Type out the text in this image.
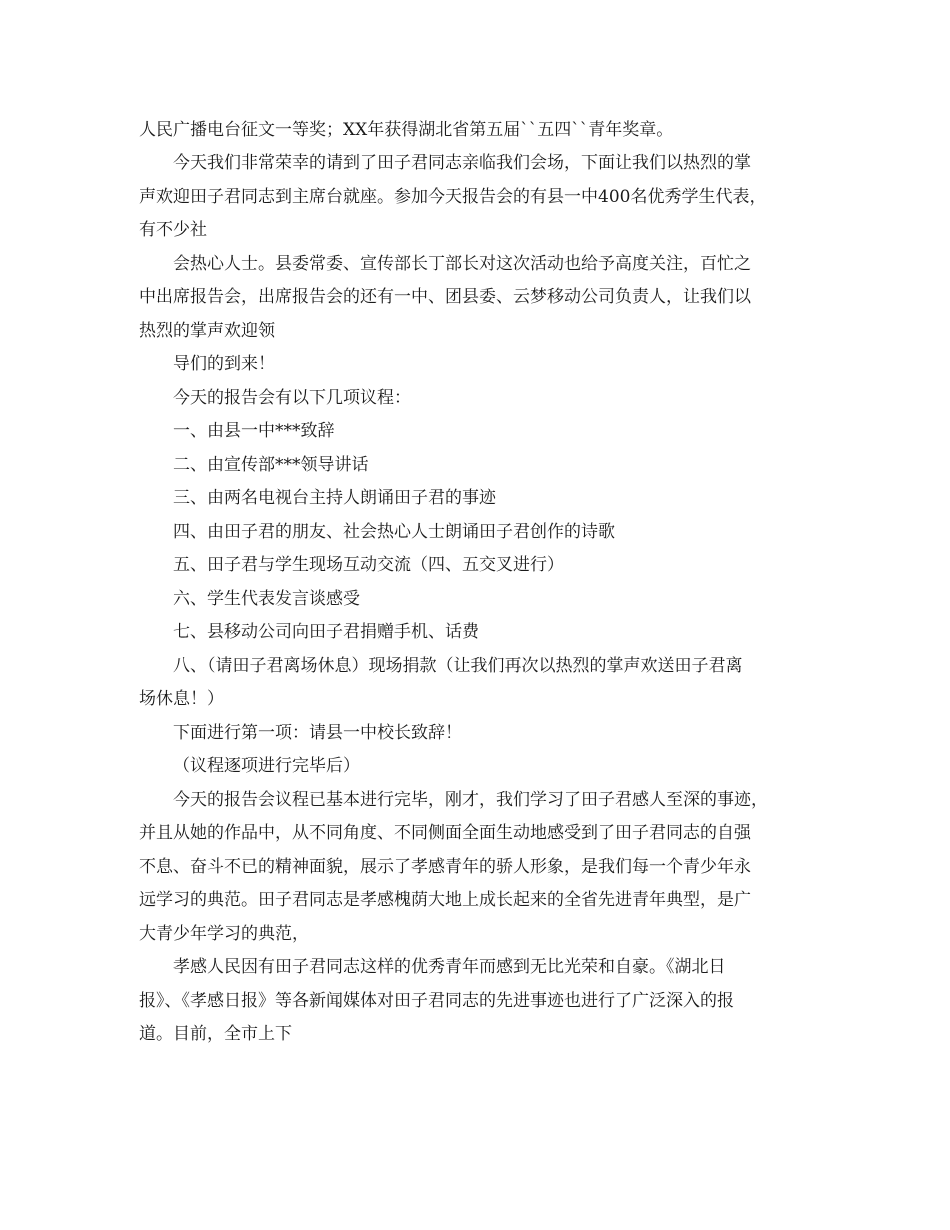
人民广播电台征文一等奖；XX年获得湖北省第五届``五四``青年奖章。

今天我们非常荣幸的请到了田子君同志亲临我们会场，下面让我们以热烈的掌

声欢迎田子君同志到主席台就座。参加今天报告会的有县一中400名优秀学生代表，

有不少社

会热心人士。县委常委、宣传部长丁部长对这次活动也给予高度关注，百忙之

中出席报告会，出席报告会的还有一中、团县委、云梦移动公司负责人，让我们以

热烈的掌声欢迎领

导们的到来！

今天的报告会有以下几项议程：

一、由县一中***致辞

二、由宣传部***领导讲话

三、由两名电视台主持人朗诵田子君的事迹

四、由田子君的朋友、社会热心人士朗诵田子君创作的诗歌

五、田子君与学生现场互动交流（四、五交叉进行）

六、学生代表发言谈感受

七、县移动公司向田子君捐赠手机、话费

八、（请田子君离场休息）现场捐款（让我们再次以热烈的掌声欢送田子君离

场休息！）

下面进行第一项：请县一中校长致辞！

（议程逐项进行完毕后）

今天的报告会议程已基本进行完毕，刚才，我们学习了田子君感人至深的事迹，

并且从她的作品中，从不同角度、不同侧面全面生动地感受到了田子君同志的自强

不息、奋斗不已的精神面貌，展示了孝感青年的骄人形象，是我们每一个青少年永

远学习的典范。田子君同志是孝感槐荫大地上成长起来的全省先进青年典型，是广

大青少年学习的典范，

孝感人民因有田子君同志这样的优秀青年而感到无比光荣和自豪。《湖北日

报》、《孝感日报》等各新闻媒体对田子君同志的先进事迹也进行了广泛深入的报

道。目前，全市上下
